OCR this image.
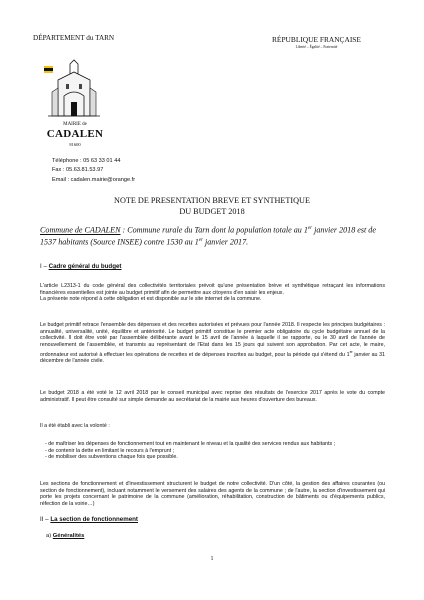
DÉPARTEMENT du TARN	RÉPUBLIQUE FRANÇAISE
Liberté – Égalité – Fraternité
MAIRIE de
CADALEN
81600
Téléphone : 05 63 33 01 44
Fax : 05.63.81.53.97
Email : cadalen.mairie@orange.fr
NOTE DE PRESENTATION BREVE ET SYNTHETIQUE
DU BUDGET 2018
Commune de CADALEN : Commune rurale du Tarn dont la population totale au 1er janvier 2018 est de 1537 habitants (Source INSEE) contre 1530 au 1er janvier 2017.
I – Cadre général du budget
L'article L2313-1 du code général des collectivités territoriales prévoit qu'une présentation brève et synthétique retraçant les informations financières essentielles est jointe au budget primitif afin de permettre aux citoyens d'en saisir les enjeux.
La présente note répond à cette obligation et est disponible sur le site internet de la commune.
Le budget primitif retrace l'ensemble des dépenses et des recettes autorisées et prévues pour l'année 2018. Il respecte les principes budgétaires : annualité, universalité, unité, équilibre et antériorité. Le budget primitif constitue le premier acte obligatoire du cycle budgétaire annuel de la collectivité. Il doit être voté par l'assemblée délibérante avant le 15 avril de l'année à laquelle il se rapporte, ou le 30 avril de l'année de renouvellement de l'assemblée, et transmis au représentant de l'Etat dans les 15 jours qui suivent son approbation. Par cet acte, le maire, ordonnateur est autorisé à effectuer les opérations de recettes et de dépenses inscrites au budget, pour la période qui s'étend du 1er janvier au 31 décembre de l'année civile.
Le budget 2018 a été voté le 12 avril 2018 par le conseil municipal avec reprise des résultats de l'exercice 2017 après le vote du compte administratif. Il peut être consulté sur simple demande au secrétariat de la mairie aux heures d'ouverture des bureaux.
Il a été établi avec la volonté :
- de maîtriser les dépenses de fonctionnement tout en maintenant le niveau et la qualité des services rendus aux habitants ;
- de contenir la dette en limitant le recours à l'emprunt ;
- de mobiliser des subventions chaque fois que possible.
Les sections de fonctionnement et d'investissement structurent le budget de notre collectivité. D'un côté, la gestion des affaires courantes (ou section de fonctionnement), incluant notamment le versement des salaires des agents de la commune ; de l'autre, la section d'investissement qui porte les projets concernant le patrimoine de la commune (amélioration, réhabilitation, construction de bâtiments ou d'équipements publics, réfection de la voirie…)
II – La section de fonctionnement
a) Généralités
1
